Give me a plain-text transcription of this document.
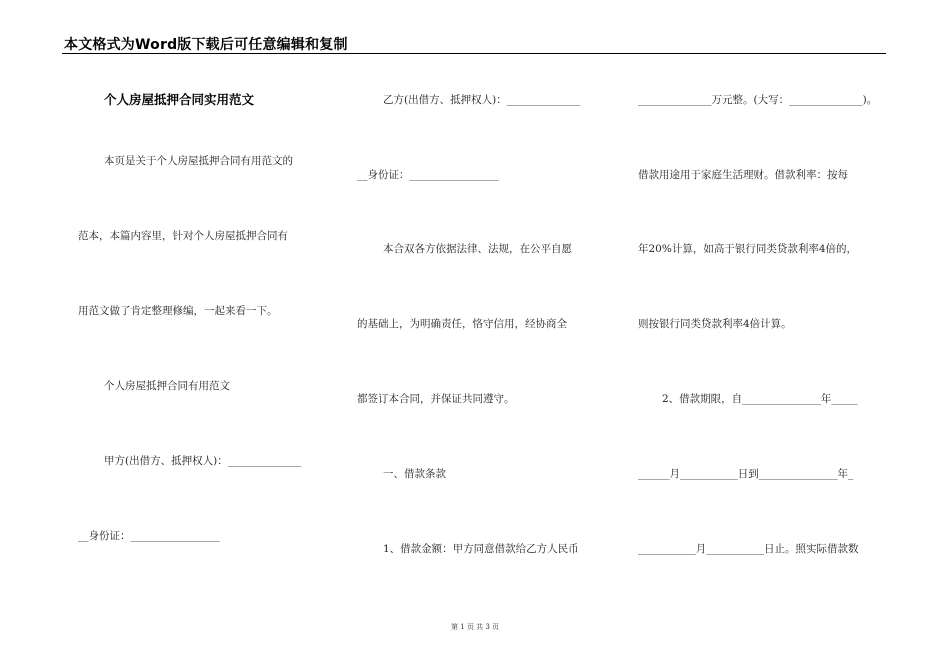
本文格式为Word版下载后可任意编辑和复制
个人房屋抵押合同实用范文
本页是关于个人房屋抵押合同有用范文的
范本，本篇内容里，针对个人房屋抵押合同有
用范文做了肯定整理修编，一起来看一下。
个人房屋抵押合同有用范文
甲方(出借方、抵押权人)：______________
__身份证：_________________
乙方(出借方、抵押权人)：______________
__身份证：_________________
本合双各方依据法律、法规，在公平自愿
的基础上，为明确责任，恪守信用，经协商全
都签订本合同，并保证共同遵守。
一、借款条款
1、借款金额：甲方同意借款给乙方人民币
______________万元整。(大写：______________)。
借款用途用于家庭生活理财。借款利率：按每
年20%计算，如高于银行同类贷款利率4倍的，
则按银行同类贷款利率4倍计算。
2、借款期限，自_______________年_____
______月___________日到_______________年_
___________月___________日止。照实际借款数
第 1 页 共 3 页
